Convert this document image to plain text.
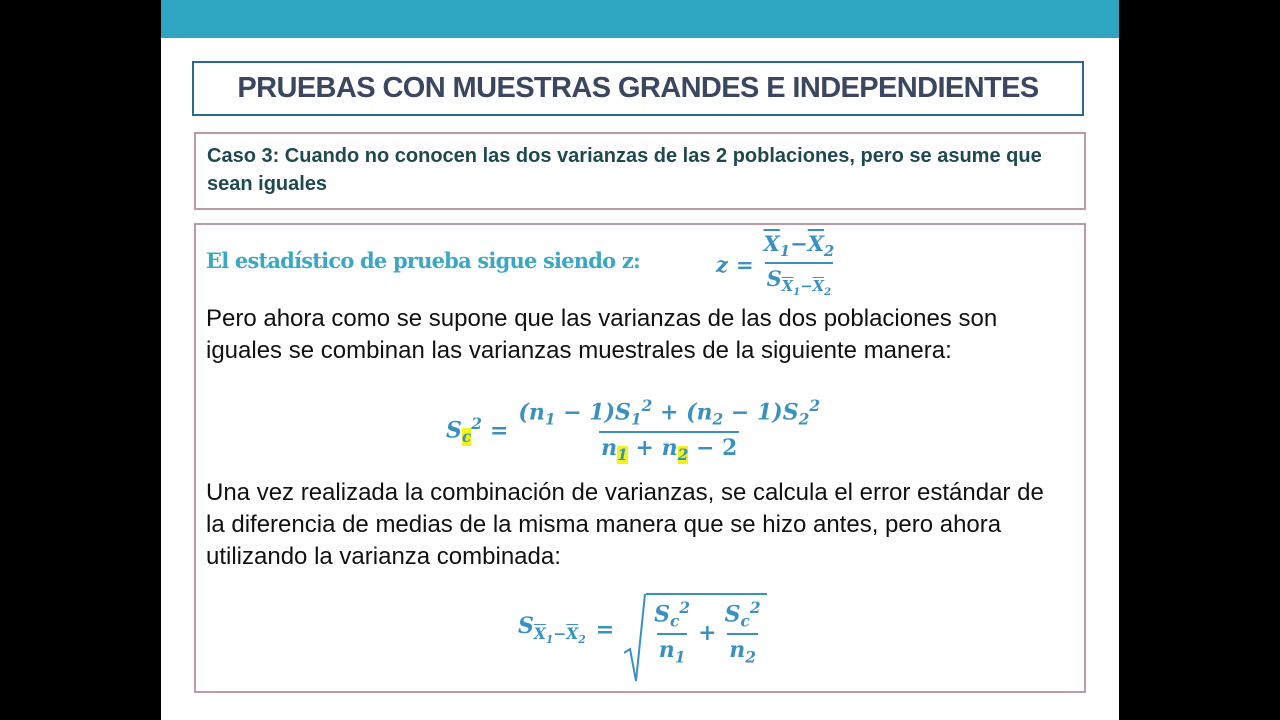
PRUEBAS CON MUESTRAS GRANDES E INDEPENDIENTES
Caso 3: Cuando no conocen las dos varianzas de las 2 poblaciones, pero se asume que sean iguales
El estadístico de prueba sigue siendo z:	$z = \frac{\overline{X}_1-\overline{X}_2}{S_{\overline{X}_1-\overline{X}_2}}$
Pero ahora como se supone que las varianzas de las dos poblaciones son iguales se combinan las varianzas muestrales de la siguiente manera:
$S_c^2 = \frac{(n_1 - 1)S_1^2 + (n_2 - 1)S_2^2}{n_1 + n_2 - 2}$
Una vez realizada la combinación de varianzas, se calcula el error estándar de la diferencia de medias de la misma manera que se hizo antes, pero ahora utilizando la varianza combinada:
$S_{\overline{X}_1-\overline{X}_2} = \frac{S_c^2}{n_1} + \frac{S_c^2}{n_2}$
